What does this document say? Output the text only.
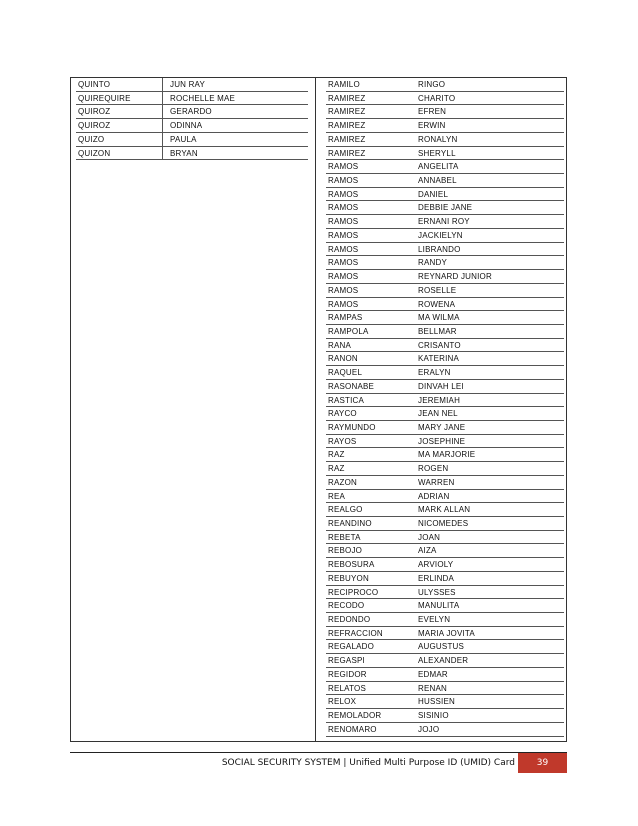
QUINTO	JUN RAY
QUIREQUIRE	ROCHELLE MAE
QUIROZ	GERARDO
QUIROZ	ODINNA
QUIZO	PAULA
QUIZON	BRYAN
RAMILO	RINGO
RAMIREZ	CHARITO
RAMIREZ	EFREN
RAMIREZ	ERWIN
RAMIREZ	RONALYN
RAMIREZ	SHERYLL
RAMOS	ANGELITA
RAMOS	ANNABEL
RAMOS	DANIEL
RAMOS	DEBBIE JANE
RAMOS	ERNANI ROY
RAMOS	JACKIELYN
RAMOS	LIBRANDO
RAMOS	RANDY
RAMOS	REYNARD JUNIOR
RAMOS	ROSELLE
RAMOS	ROWENA
RAMPAS	MA WILMA
RAMPOLA	BELLMAR
RANA	CRISANTO
RANON	KATERINA
RAQUEL	ERALYN
RASONABE	DINVAH LEI
RASTICA	JEREMIAH
RAYCO	JEAN NEL
RAYMUNDO	MARY JANE
RAYOS	JOSEPHINE
RAZ	MA MARJORIE
RAZ	ROGEN
RAZON	WARREN
REA	ADRIAN
REALGO	MARK ALLAN
REANDINO	NICOMEDES
REBETA	JOAN
REBOJO	AIZA
REBOSURA	ARVIOLY
REBUYON	ERLINDA
RECIPROCO	ULYSSES
RECODO	MANULITA
REDONDO	EVELYN
REFRACCION	MARIA JOVITA
REGALADO	AUGUSTUS
REGASPI	ALEXANDER
REGIDOR	EDMAR
RELATOS	RENAN
RELOX	HUSSIEN
REMOLADOR	SISINIO
RENOMARO	JOJO
SOCIAL SECURITY SYSTEM | Unified Multi Purpose ID (UMID) Card	39
